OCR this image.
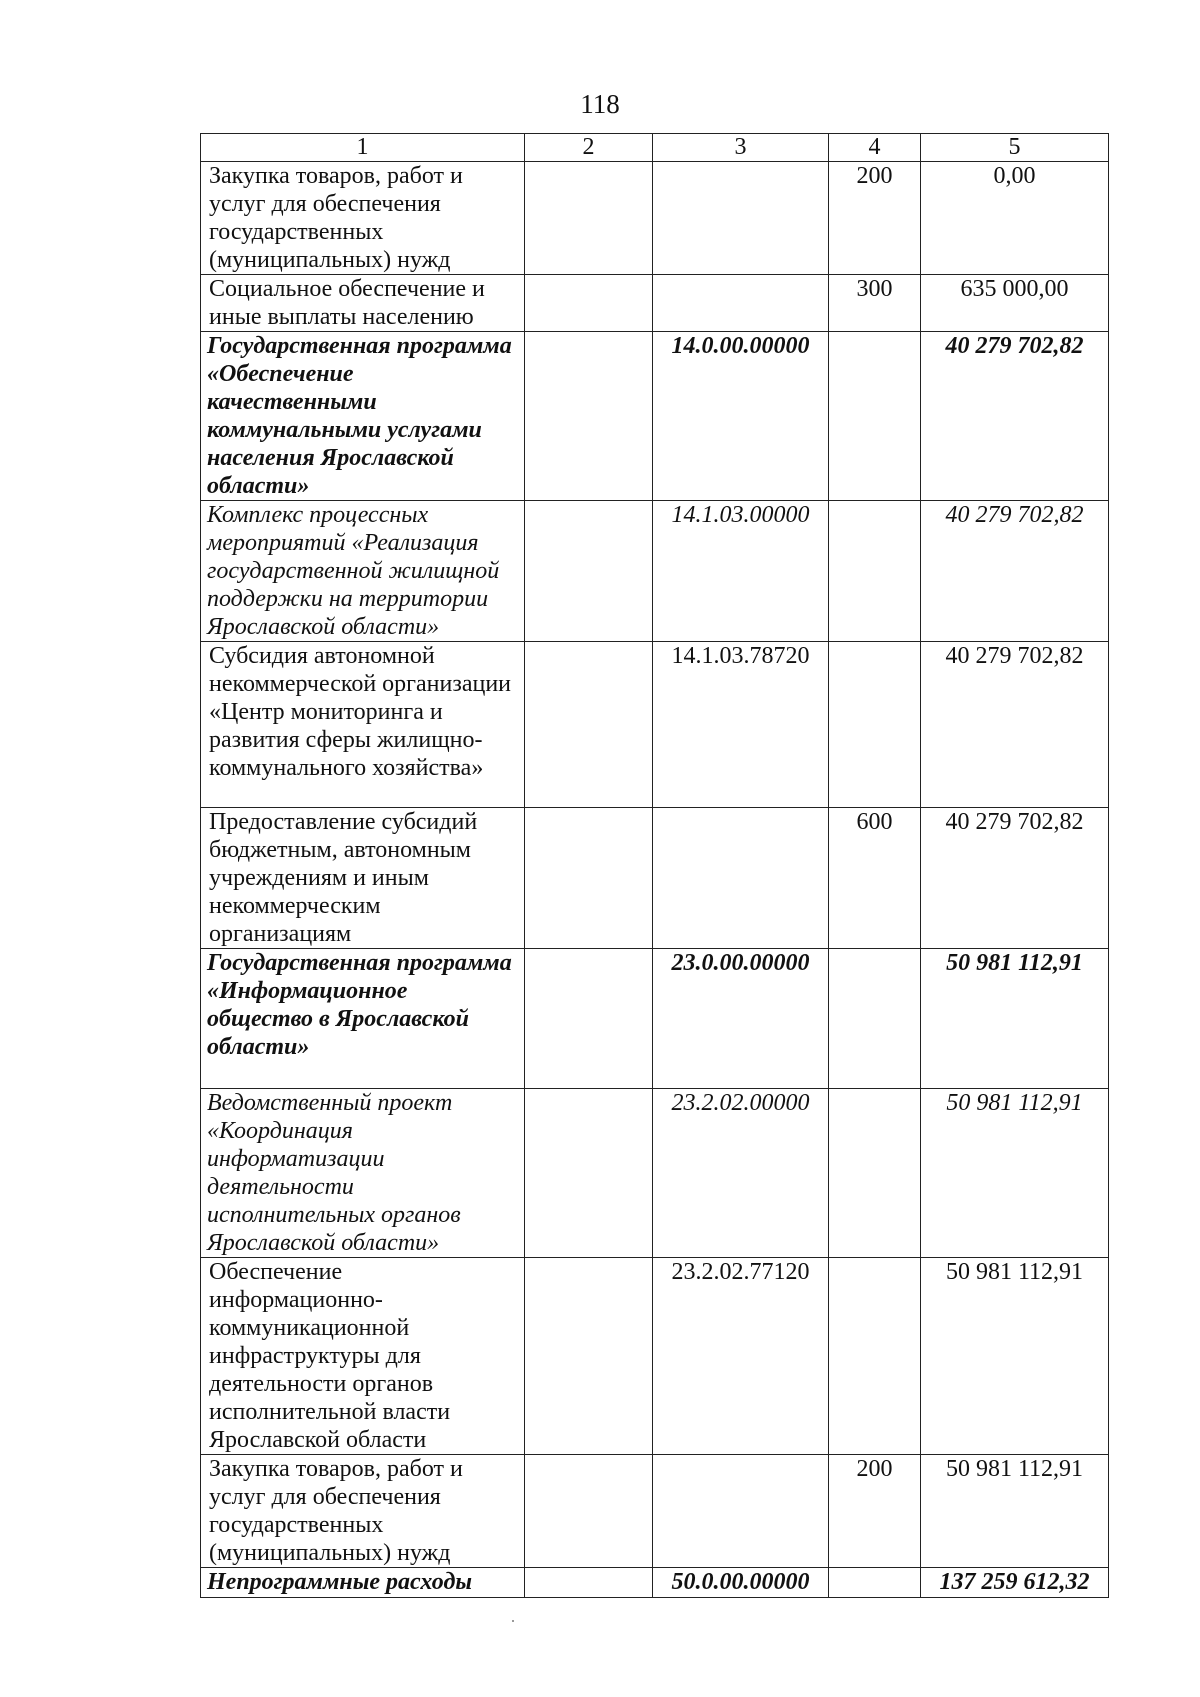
118
1	2	3	4	5
Закупка товаров, работ и услуг для обеспечения государственных (муниципальных) нужд			200	0,00
Социальное обеспечение и иные выплаты населению			300	635 000,00
Государственная программа «Обеспечение качественными коммунальными услугами населения Ярославской области»		14.0.00.00000		40 279 702,82
Комплекс процессных мероприятий «Реализация государственной жилищной поддержки на территории Ярославской области»		14.1.03.00000		40 279 702,82
Субсидия автономной некоммерческой организации «Центр мониторинга и развития сферы жилищно-коммунального хозяйства»		14.1.03.78720		40 279 702,82
Предоставление субсидий бюджетным, автономным учреждениям и иным некоммерческим организациям			600	40 279 702,82
Государственная программа «Информационное общество в Ярославской области»		23.0.00.00000		50 981 112,91
Ведомственный проект «Координация информатизации деятельности исполнительных органов Ярославской области»		23.2.02.00000		50 981 112,91
Обеспечение информационно-коммуникационной инфраструктуры для деятельности органов исполнительной власти Ярославской области		23.2.02.77120		50 981 112,91
Закупка товаров, работ и услуг для обеспечения государственных (муниципальных) нужд			200	50 981 112,91
Непрограммные расходы		50.0.00.00000		137 259 612,32
